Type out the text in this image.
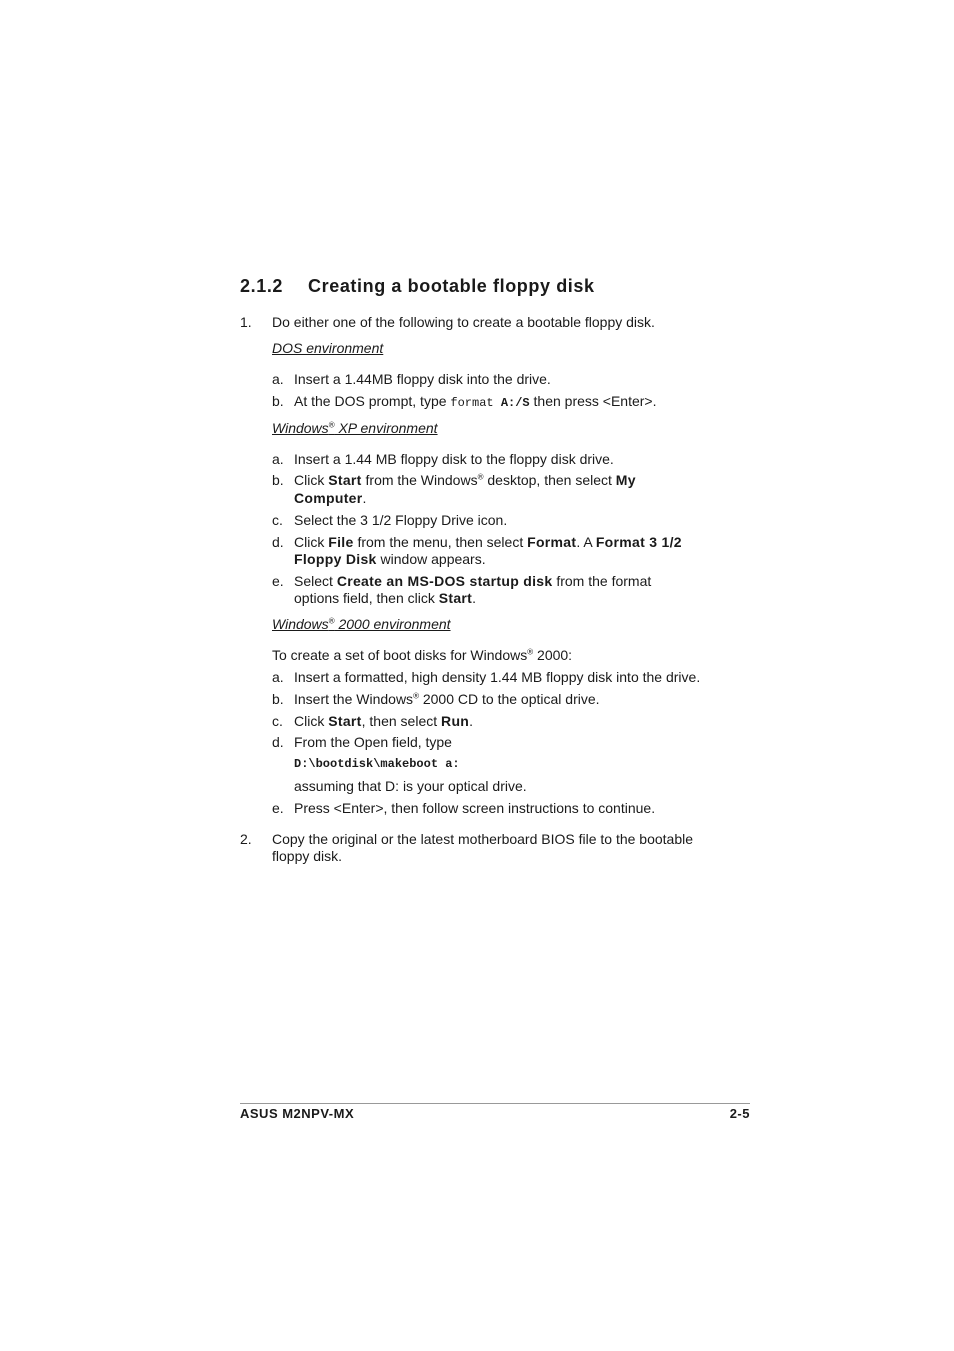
2.1.2 Creating a bootable floppy disk
1. Do either one of the following to create a bootable floppy disk.
DOS environment
a. Insert a 1.44MB floppy disk into the drive.
b. At the DOS prompt, type format A:/S then press <Enter>.
Windows® XP environment
a. Insert a 1.44 MB floppy disk to the floppy disk drive.
b. Click Start from the Windows® desktop, then select My
Computer.
c. Select the 3 1/2 Floppy Drive icon.
d. Click File from the menu, then select Format. A Format 3 1/2
Floppy Disk window appears.
e. Select Create an MS-DOS startup disk from the format
options field, then click Start.
Windows® 2000 environment
To create a set of boot disks for Windows® 2000:
a. Insert a formatted, high density 1.44 MB floppy disk into the drive.
b. Insert the Windows® 2000 CD to the optical drive.
c. Click Start, then select Run.
d. From the Open field, type
D:\bootdisk\makeboot a:
assuming that D: is your optical drive.
e. Press <Enter>, then follow screen instructions to continue.
2. Copy the original or the latest motherboard BIOS file to the bootable
floppy disk.
ASUS M2NPV-MX	2-5
